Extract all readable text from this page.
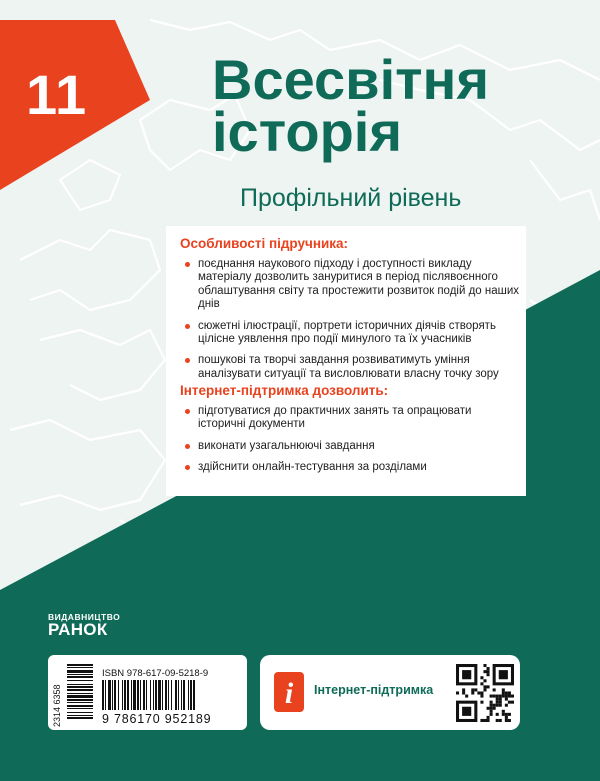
11	Всесвітня
історія
Профільний рівень
Особливості підручника:
поєднання наукового підходу і доступності викладу матеріалу дозволить зануритися в період післявоєнного облаштування світу та простежити розвиток подій до наших днів
сюжетні ілюстрації, портрети історичних діячів створять цілісне уявлення про події минулого та їх учасників
пошукові та творчі завдання розвиватимуть уміння аналізувати ситуації та висловлювати власну точку зору
Інтернет-підтримка дозволить:
підготуватися до практичних занять та опрацювати історичні документи
виконати узагальнюючі завдання
здійснити онлайн-тестування за розділами
ВИДАВНИЦТВО
РАНОК
ISBN 978-617-09-5218-9
9 786170 952189
2314 6358	i Інтернет-підтримка
